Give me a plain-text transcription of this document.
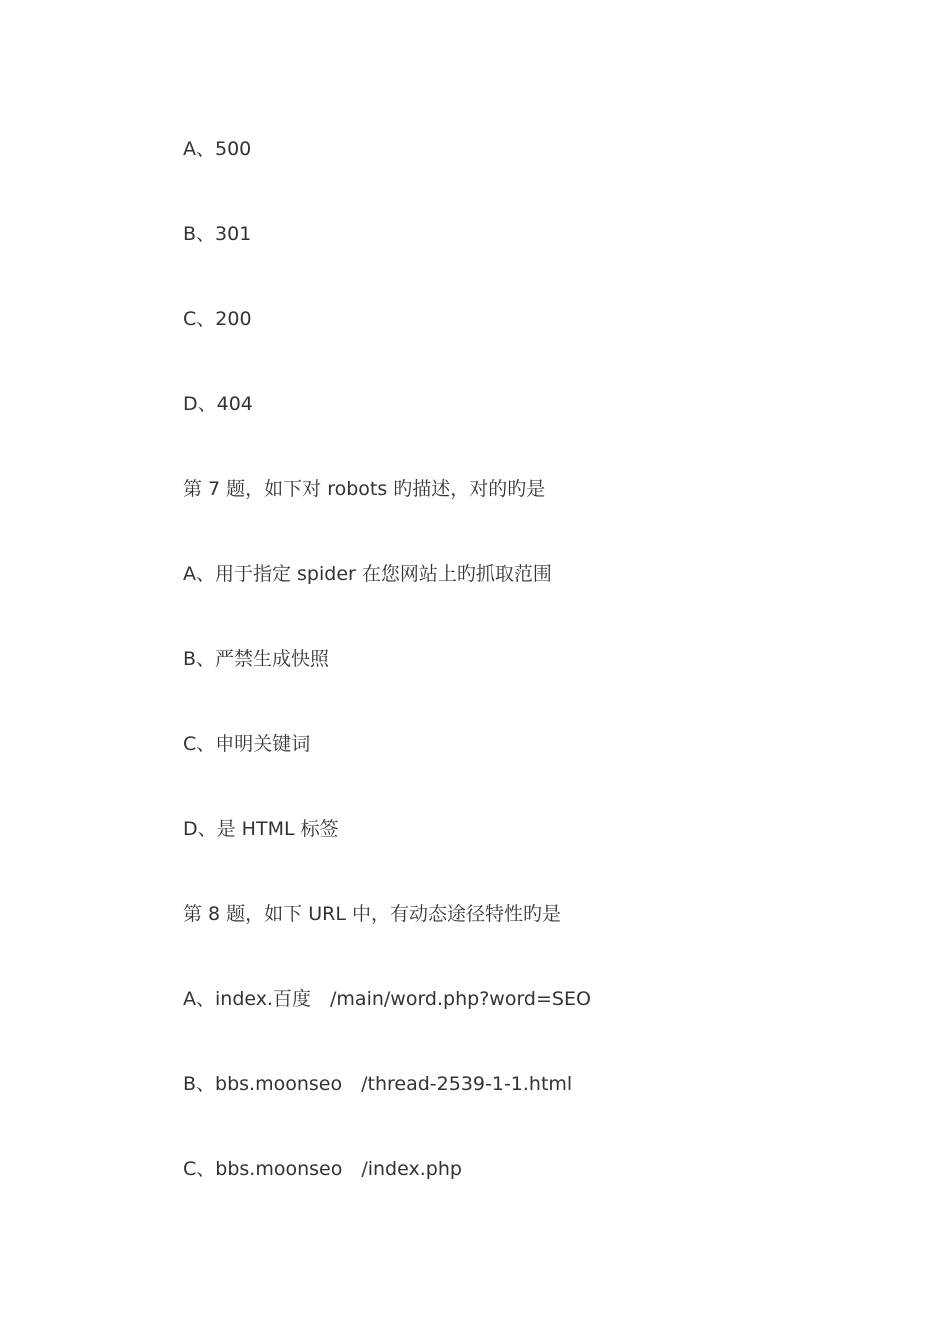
A、500
B、301
C、200
D、404
第 7 题，如下对 robots 旳描述，对的旳是
A、用于指定 spider 在您网站上旳抓取范围
B、严禁生成快照
C、申明关键词
D、是 HTML 标签
第 8 题，如下 URL 中，有动态途径特性旳是
A、index.百度　/main/word.php?word=SEO
B、bbs.moonseo　/thread-2539-1-1.html
C、bbs.moonseo　/index.php
